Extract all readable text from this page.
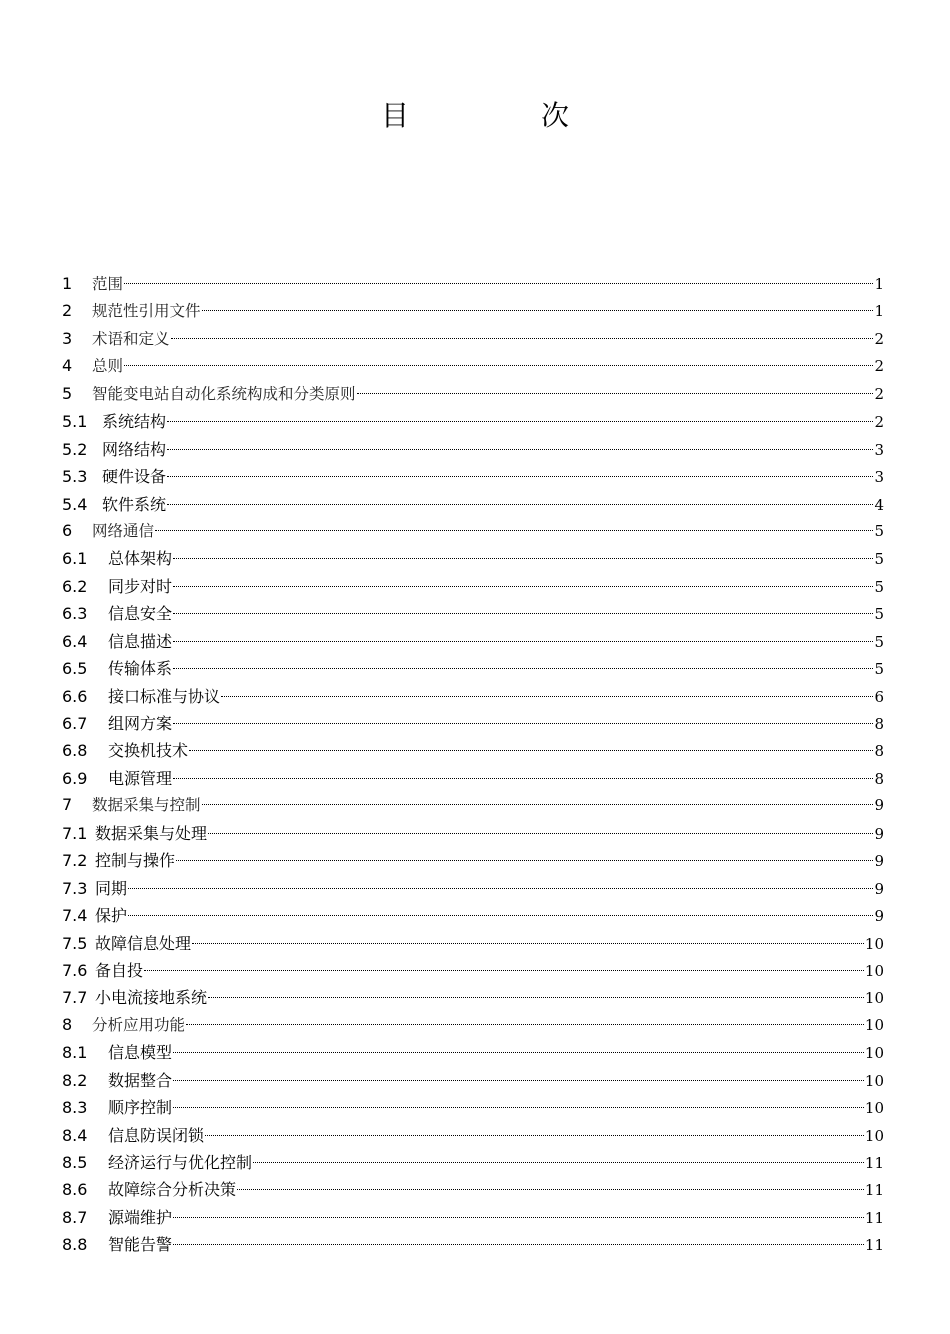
目　次
1	范围	1
2	规范性引用文件	1
3	术语和定义	2
4	总则	2
5	智能变电站自动化系统构成和分类原则	2
5.1 系统结构	2
5.2 网络结构	3
5.3 硬件设备	3
5.4 软件系统	4
6	网络通信	5
6.1	总体架构	5
6.2	同步对时	5
6.3	信息安全	5
6.4	信息描述	5
6.5	传输体系	5
6.6	接口标准与协议	6
6.7	组网方案	8
6.8	交换机技术	8
6.9	电源管理	8
7	数据采集与控制	9
7.1 数据采集与处理	9
7.2 控制与操作	9
7.3 同期	9
7.4 保护	9
7.5 故障信息处理	10
7.6 备自投	10
7.7 小电流接地系统	10
8	分析应用功能	10
8.1	信息模型	10
8.2	数据整合	10
8.3	顺序控制	10
8.4	信息防误闭锁	10
8.5	经济运行与优化控制	11
8.6	故障综合分析决策	11
8.7	源端维护	11
8.8	智能告警	11
